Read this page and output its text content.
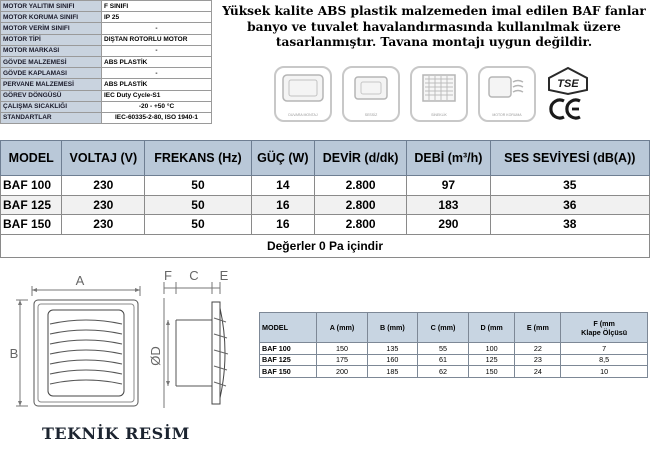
MOTOR YALITIM SINIFI	F SINIFI
MOTOR KORUMA SINIFI	IP 25
MOTOR VERİM SINIFI	-
MOTOR TİPİ	DIŞTAN ROTORLU MOTOR
MOTOR MARKASI	-
GÖVDE MALZEMESİ	ABS PLASTİK
GÖVDE KAPLAMASI	-
PERVANE MALZEMESİ	ABS PLASTİK
GÖREV DÖNGÜSÜ	IEC Duty Cycle-S1
ÇALIŞMA SICAKLIĞI	-20 - +50 °C
STANDARTLAR	IEC-60335-2-80, ISO 1940-1
Yüksek kalite ABS plastik malzemeden imal edilen BAF fanlar banyo ve tuvalet havalandırmasında kullanılmak üzere tasarlanmıştır. Tavana montajı uygun değildir.
DUVARA MONTAJ	SESSİZ	SİNEKLİK	MOTOR KORUMA
TSE
MODEL	VOLTAJ (V)	FREKANS (Hz)	GÜÇ (W)	DEVİR (d/dk)	DEBİ (m³/h)	SES SEVİYESİ (dB(A))
BAF 100	230	50	14	2.800	97	35
BAF 125	230	50	16	2.800	183	36
BAF 150	230	50	16	2.800	290	38
Değerler 0 Pa içindir						
A
B
F C E
ØD
TEKNİK RESİM
MODEL	A (mm)	B (mm)	C (mm)	D (mm	E (mm	F (mm
Klape Ölçüsü

BAF 100	150	135	55	100	22	7
BAF 125	175	160	61	125	23	8,5
BAF 150	200	185	62	150	24	10
